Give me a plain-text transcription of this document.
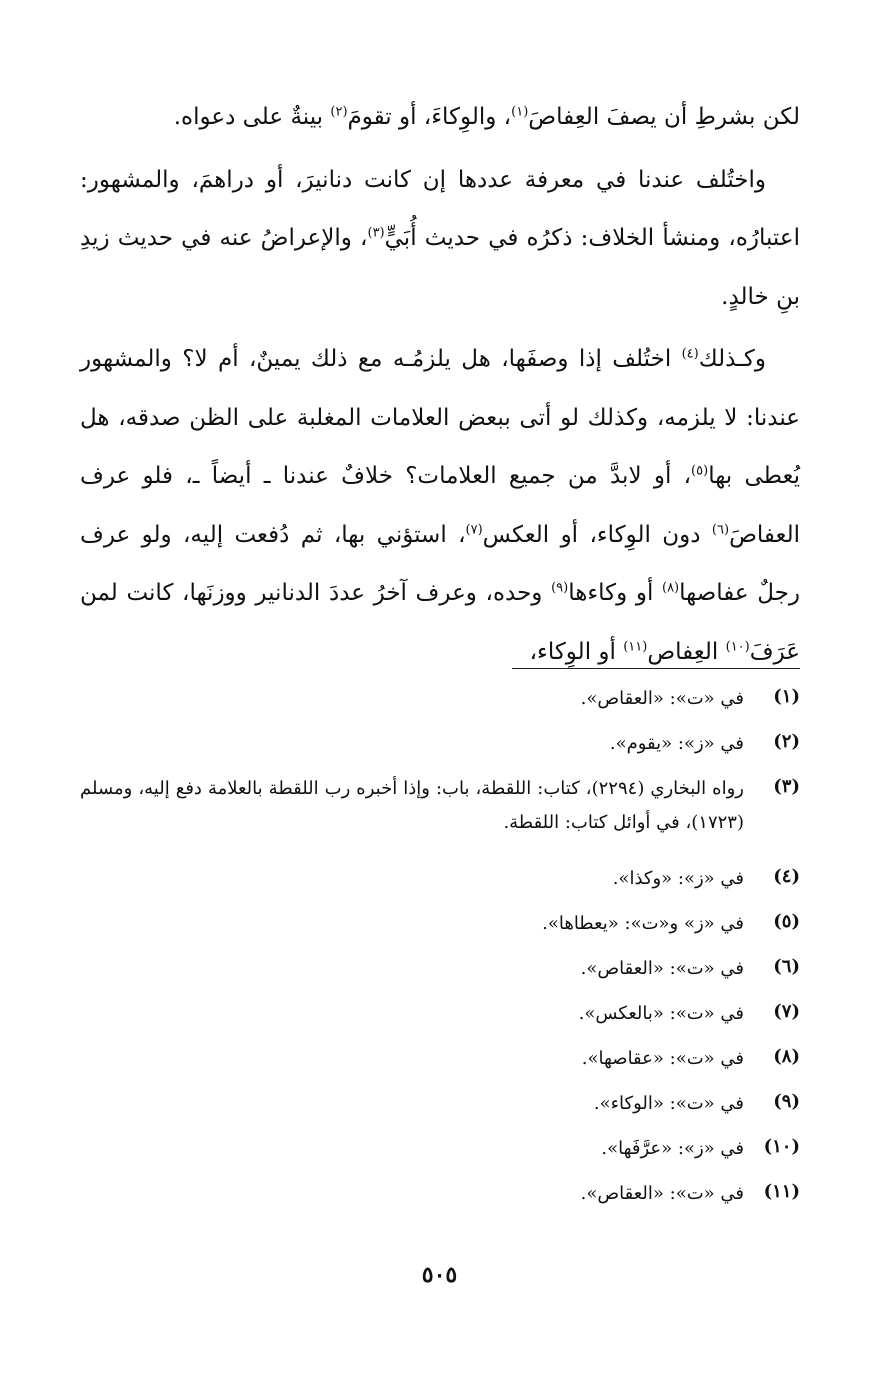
لكن بشرطِ أن يصفَ العِفاصَ$^{(١)}$، والوِكاءَ، أو تقومَ$^{(٢)}$ بينةٌ على دعواه.

واختُلف عندنا في معرفة عددها إن كانت دنانيرَ، أو دراهمَ، والمشهور: اعتبارُه، ومنشأ الخلاف: ذكرُه في حديث أُبَيٍّ$^{(٣)}$، والإعراضُ عنه في حديث زيدِ بنِ خالدٍ.

وكـذلك$^{(٤)}$ اختُلف إذا وصفَها، هل يلزمُـه مع ذلك يمينٌ، أم لا؟ والمشهور عندنا: لا يلزمه، وكذلك لو أتى ببعض العلامات المغلبة على الظن صدقه، هل يُعطى بها$^{(٥)}$، أو لابدَّ من جميع العلامات؟ خلافٌ عندنا ـ أيضاً ـ، فلو عرف العفاصَ$^{(٦)}$ دون الوِكاء، أو العكس$^{(٧)}$، استؤني بها، ثم دُفعت إليه، ولو عرف رجلٌ عفاصها$^{(٨)}$ أو وكاءها$^{(٩)}$ وحده، وعرف آخرُ عددَ الدنانير ووزنَها، كانت لمن عَرَفَ$^{(١٠)}$ العِفاص$^{(١١)}$ أو الوِكاء،

(١)
في «ت»: «العقاص».
(٢)
في «ز»: «يقوم».
(٣)
رواه البخاري (٢٢٩٤)، كتاب: اللقطة، باب: وإذا أخبره رب اللقطة بالعلامة دفع إليه، ومسلم (١٧٢٣)، في أوائل كتاب: اللقطة.
(٤)
في «ز»: «وكذا».
(٥)
في «ز» و«ت»: «يعطاها».
(٦)
في «ت»: «العقاص».
(٧)
في «ت»: «بالعكس».
(٨)
في «ت»: «عقاصها».
(٩)
في «ت»: «الوكاء».
(١٠)
في «ز»: «عرَّفَها».
(١١)
في «ت»: «العقاص».
٥٠٥
